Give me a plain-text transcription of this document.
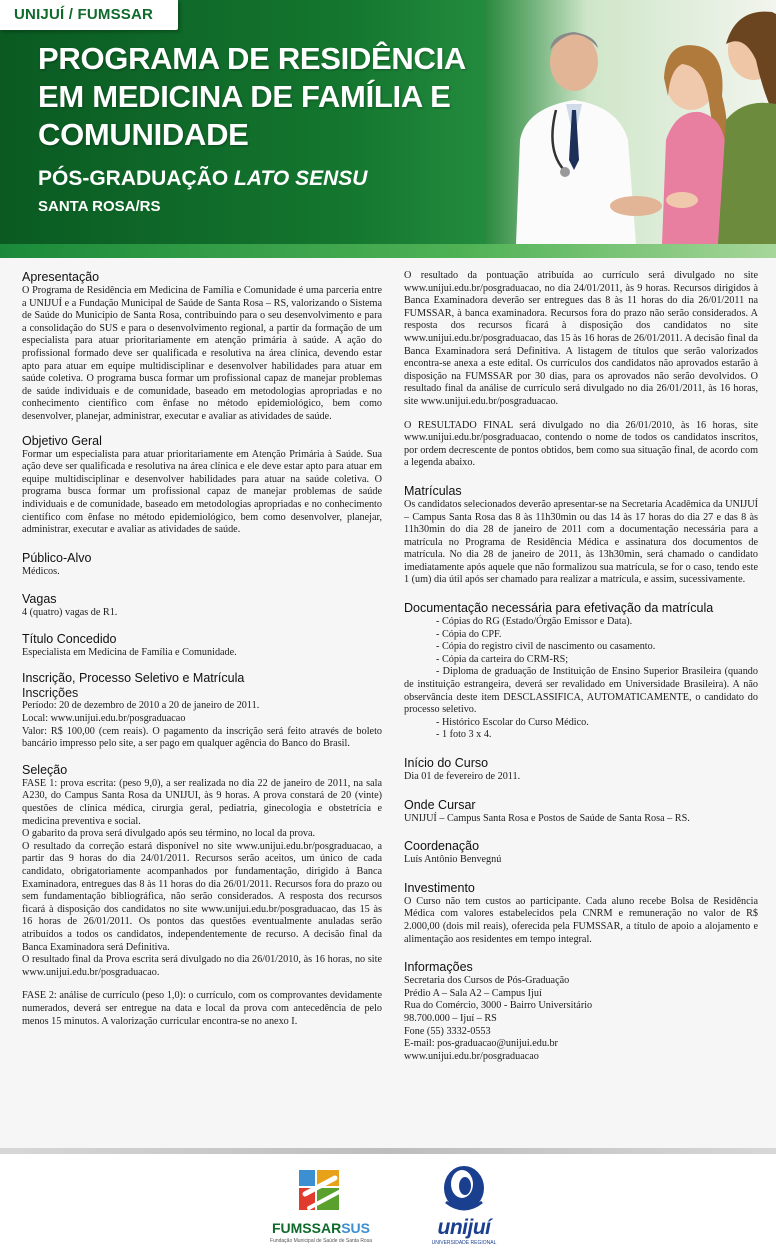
UNIJUÍ / FUMSSAR
PROGRAMA DE RESIDÊNCIA
EM MEDICINA DE FAMÍLIA E
COMUNIDADE
PÓS-GRADUAÇÃO LATO SENSU
SANTA ROSA/RS
Apresentação

O Programa de Residência em Medicina de Família e Comunidade é uma parceria entre a UNIJUÍ e a Fundação Municipal de Saúde de Santa Rosa – RS, valorizando o Sistema de Saúde do Município de Santa Rosa, contribuindo para o seu desenvolvimento e para a consolidação do SUS e para o desenvolvimento regional, a partir da formação de um especialista para atuar prioritariamente em atenção primária à saúde. A ação do profissional formado deve ser qualificada e resolutiva na área clínica, devendo estar apto para atuar em equipe multidisciplinar e desenvolver habilidades para atuar em saúde coletiva. O programa busca formar um profissional capaz de manejar problemas de saúde individuais e de comunidade, baseado em metodologias apropriadas e no conhecimento científico com ênfase no método epidemiológico, bem como desenvolver, planejar, administrar, executar e avaliar as atividades de saúde.

Objetivo Geral

Formar um especialista para atuar prioritariamente em Atenção Primária à Saúde. Sua ação deve ser qualificada e resolutiva na área clínica e ele deve estar apto para atuar em equipe multidisciplinar e desenvolver habilidades para atuar na saúde coletiva. O programa busca formar um profissional capaz de manejar problemas de saúde individuais e de comunidade, baseado em metodologias apropriadas e no conhecimento científico com ênfase no método epidemiológico, bem como desenvolver, planejar, administrar, executar e avaliar as atividades de saúde.

Público-Alvo

Médicos.

Vagas

4 (quatro) vagas de R1.

Título Concedido

Especialista em Medicina de Família e Comunidade.

Inscrição, Processo Seletivo e Matrícula
Inscrições

Período: 20 de dezembro de 2010 a 20 de janeiro de 2011.

Local: www.unijui.edu.br/posgraduacao

Valor: R$ 100,00 (cem reais). O pagamento da inscrição será feito através de boleto bancário impresso pelo site, a ser pago em qualquer agência do Banco do Brasil.

Seleção

FASE 1: prova escrita: (peso 9,0), a ser realizada no dia 22 de janeiro de 2011, na sala A230, do Campus Santa Rosa da UNIJUI, às 9 horas. A prova constará de 20 (vinte) questões de clínica médica, cirurgia geral, pediatria, ginecologia e obstetrícia e medicina preventiva e social.

O gabarito da prova será divulgado após seu término, no local da prova.

O resultado da correção estará disponível no site www.unijui.edu.br/posgraduacao, a partir das 9 horas do dia 24/01/2011. Recursos serão aceitos, um único de cada candidato, obrigatoriamente acompanhados por fundamentação, dirigido à Banca Examinadora, entregues das 8 às 11 horas do dia 26/01/2011. Recursos fora do prazo ou sem fundamentação bibliográfica, não serão considerados. A resposta dos recursos ficará à disposição dos candidatos no site www.unijui.edu.br/posgraduacao, das 15 às 16 horas de 26/01/2011. Os pontos das questões eventualmente anuladas serão atribuídos a todos os candidatos, independentemente de recurso. A decisão final da Banca Examinadora será Definitiva.

O resultado final da Prova escrita será divulgado no dia 26/01/2010, às 16 horas, no site www.unijui.edu.br/posgraduacao.

FASE 2: análise de currículo (peso 1,0): o currículo, com os comprovantes devidamente numerados, deverá ser entregue na data e local da prova com antecedência de pelo menos 15 minutos. A valorização curricular encontra-se no anexo I.

O resultado da pontuação atribuída ao currículo será divulgado no site www.unijui.edu.br/posgraduacao, no dia 24/01/2011, às 9 horas. Recursos dirigidos à Banca Examinadora deverão ser entregues das 8 às 11 horas do dia 26/01/2011 na FUMSSAR, à banca examinadora. Recursos fora do prazo não serão considerados. A resposta dos recursos ficará à disposição dos candidatos no site www.unijui.edu.br/posgraduacao, das 15 às 16 horas de 26/01/2011. A decisão final da Banca Examinadora será Definitiva. A listagem de títulos que serão valorizados encontra-se anexa a este edital. Os currículos dos candidatos não aprovados estarão à disposição na FUMSSAR por 30 dias, para os aprovados não serão devolvidos. O resultado final da análise de currículo será divulgado no dia 26/01/2011, às 16 horas, site www.unijui.edu.br/posgraduacao.

O RESULTADO FINAL será divulgado no dia 26/01/2010, às 16 horas, site www.unijui.edu.br/posgraduacao, contendo o nome de todos os candidatos inscritos, por ordem decrescente de pontos obtidos, bem como sua situação final, de acordo com a legenda abaixo.

Matrículas

Os candidatos selecionados deverão apresentar-se na Secretaria Acadêmica da UNIJUÍ – Campus Santa Rosa das 8 às 11h30min ou das 14 às 17 horas do dia 27 e das 8 às 11h30min do dia 28 de janeiro de 2011 com a documentação necessária para a matrícula no Programa de Residência Médica e assinatura dos documentos de matrícula. No dia 28 de janeiro de 2011, às 13h30min, será chamado o candidato imediatamente após aquele que não formalizou sua matrícula, se for o caso, tendo este 1 (um) dia útil após ser chamado para realizar a matrícula, e assim, sucessivamente.

Documentação necessária para efetivação da matrícula
- Cópias do RG (Estado/Órgão Emissor e Data).
- Cópia do CPF.
- Cópia do registro civil de nascimento ou casamento.
- Cópia da carteira do CRM-RS;
- Diploma de graduação de Instituição de Ensino Superior Brasileira (quando de instituição estrangeira, deverá ser revalidado em Universidade Brasileira). A não observância deste item DESCLASSIFICA, AUTOMATICAMENTE, o candidato do processo seletivo.
- Histórico Escolar do Curso Médico.
- 1 foto 3 x 4.
Início do Curso

Dia 01 de fevereiro de 2011.

Onde Cursar

UNIJUÍ – Campus Santa Rosa e Postos de Saúde de Santa Rosa – RS.

Coordenação

Luís Antônio Benvegnú

Investimento

O Curso não tem custos ao participante. Cada aluno recebe Bolsa de Residência Médica com valores estabelecidos pela CNRM e remuneração no valor de R$ 2.000,00 (dois mil reais), oferecida pela FUMSSAR, a título de apoio a alojamento e alimentação aos residentes em tempo integral.

Informações
Secretaria dos Cursos de Pós-Graduação
Prédio A – Sala A2 – Campus Ijuí
Rua do Comércio, 3000 - Bairro Universitário
98.700.000 – Ijuí – RS
Fone (55) 3332-0553
E-mail: pos-graduacao@unijui.edu.br
www.unijui.edu.br/posgraduacao
FUMSSARSUS
Fundação Municipal de Saúde de Santa Rosa
unijuí
UNIVERSIDADE REGIONAL
